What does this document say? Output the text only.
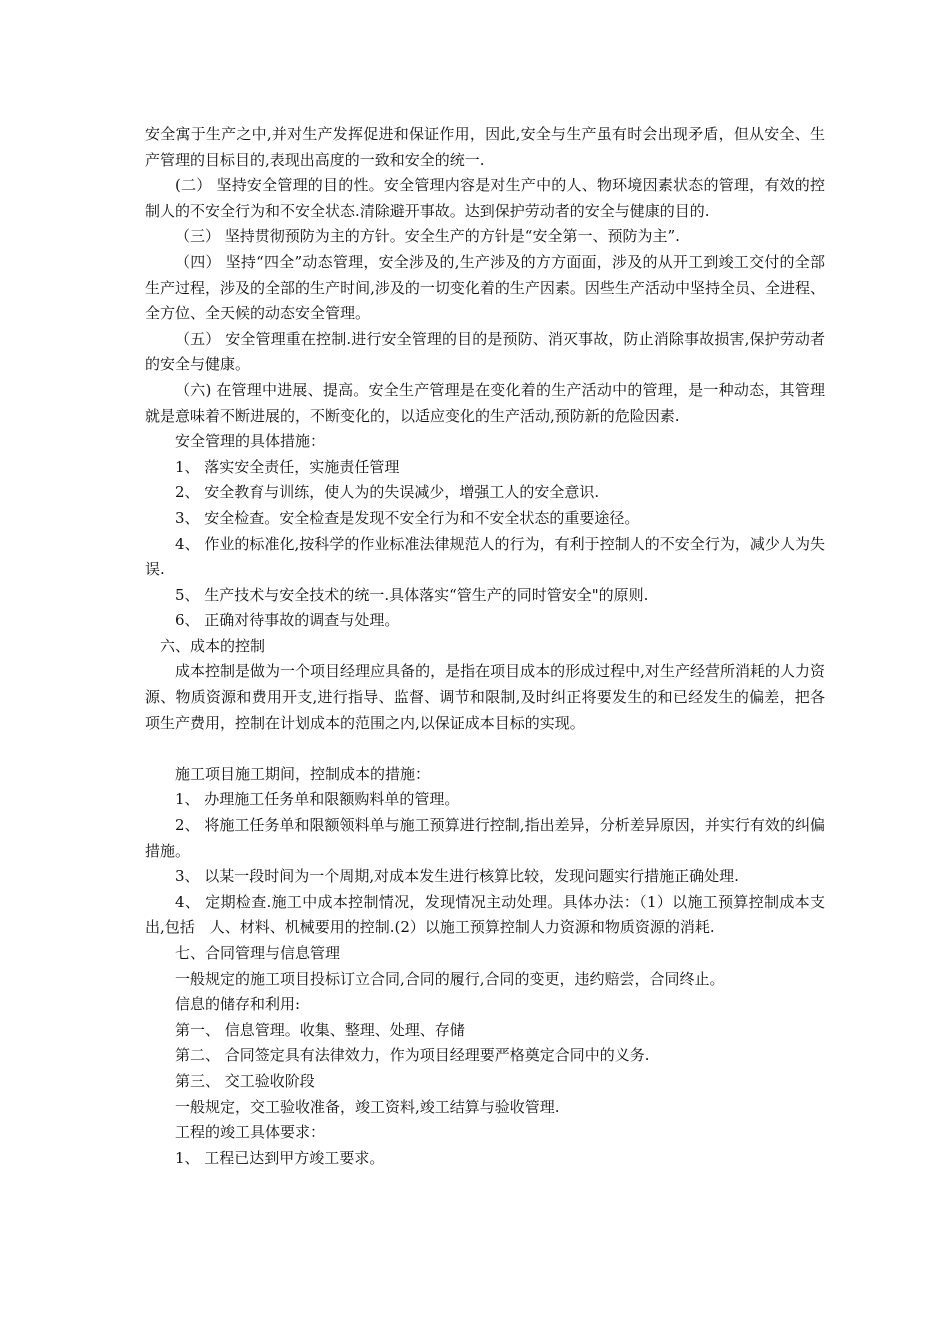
安全寓于生产之中,并对生产发挥促进和保证作用，因此,安全与生产虽有时会出现矛盾，但从安全、生产管理的目标目的,表现出高度的一致和安全的统一.

(二） 坚持安全管理的目的性。安全管理内容是对生产中的人、物环境因素状态的管理，有效的控制人的不安全行为和不安全状态.清除避开事故。达到保护劳动者的安全与健康的目的.

（三） 坚持贯彻预防为主的方针。安全生产的方针是“安全第一、预防为主”.

（四） 坚持“四全”动态管理，安全涉及的,生产涉及的方方面面，涉及的从开工到竣工交付的全部生产过程，涉及的全部的生产时间,涉及的一切变化着的生产因素。因些生产活动中坚持全员、全进程、全方位、全天候的动态安全管理。

（五） 安全管理重在控制.进行安全管理的目的是预防、消灭事故，防止消除事故损害,保护劳动者的安全与健康。

（六) 在管理中进展、提高。安全生产管理是在变化着的生产活动中的管理，是一种动态，其管理就是意味着不断进展的，不断变化的，以适应变化的生产活动,预防新的危险因素.

安全管理的具体措施：

1、 落实安全责任，实施责任管理

2、 安全教育与训练，使人为的失误减少，增强工人的安全意识.

3、 安全检查。安全检查是发现不安全行为和不安全状态的重要途径。

4、 作业的标准化,按科学的作业标准法律规范人的行为，有利于控制人的不安全行为，减少人为失误.

5、 生产技术与安全技术的统一.具体落实“管生产的同时管安全"的原则.

6、 正确对待事故的调查与处理。

六、成本的控制

成本控制是做为一个项目经理应具备的，是指在项目成本的形成过程中,对生产经营所消耗的人力资源、物质资源和费用开支,进行指导、监督、调节和限制,及时纠正将要发生的和已经发生的偏差，把各项生产费用，控制在计划成本的范围之内,以保证成本目标的实现。

施工项目施工期间，控制成本的措施：

1、 办理施工任务单和限额购料单的管理。

2、 将施工任务单和限额领料单与施工预算进行控制,指出差异，分析差异原因，并实行有效的纠偏措施。

3、 以某一段时间为一个周期,对成本发生进行核算比较，发现问题实行措施正确处理.

4、 定期检查.施工中成本控制情况，发现情况主动处理。具体办法：（1）以施工预算控制成本支出,包括　人、材料、机械要用的控制.(2）以施工预算控制人力资源和物质资源的消耗.

七、合同管理与信息管理

一般规定的施工项目投标订立合同,合同的履行,合同的变更，违约赔尝，合同终止。

信息的储存和利用:

第一、 信息管理。收集、整理、处理、存储

第二、 合同签定具有法律效力，作为项目经理要严格奠定合同中的义务.

第三、 交工验收阶段

一般规定，交工验收准备，竣工资料,竣工结算与验收管理.

工程的竣工具体要求：

1、 工程已达到甲方竣工要求。
